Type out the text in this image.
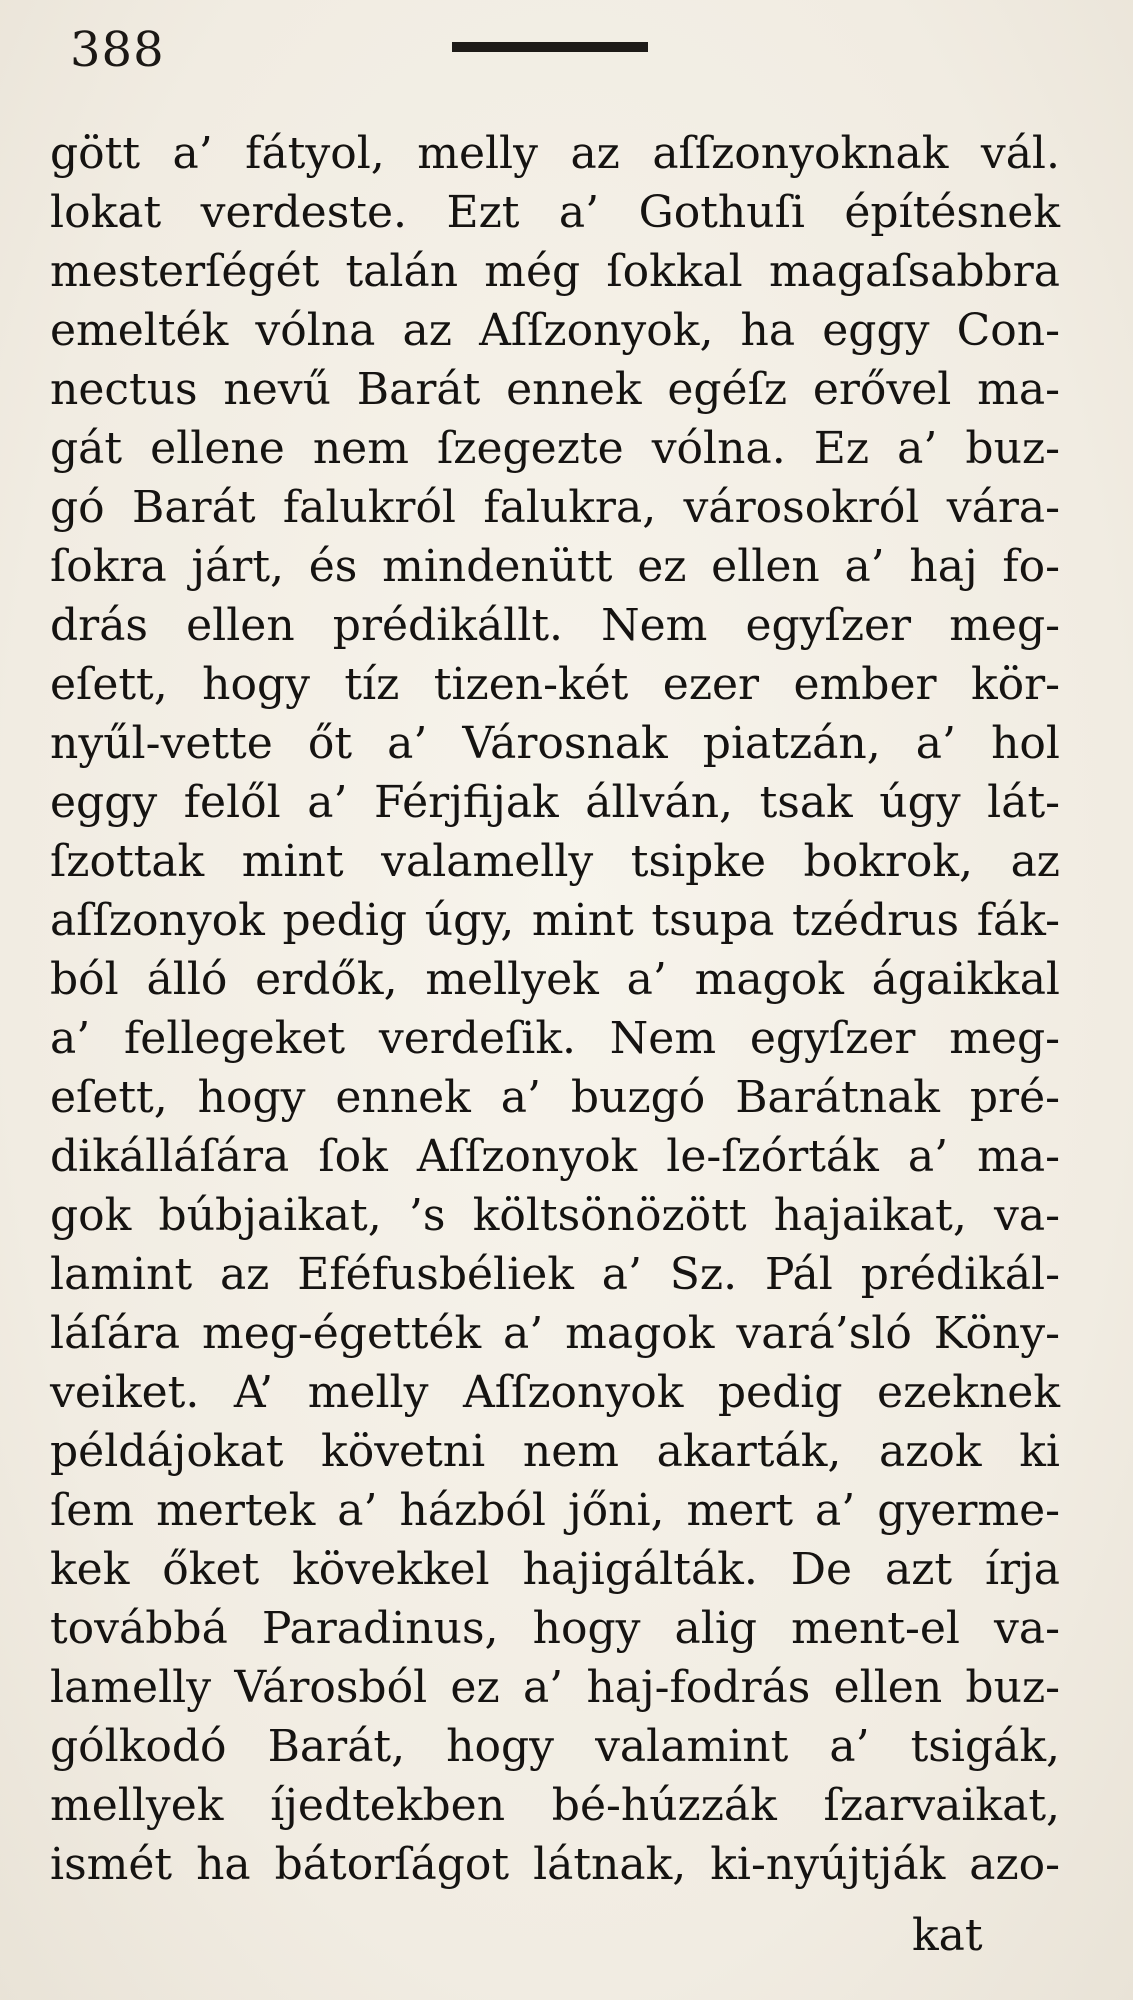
388
gött a’ fátyol, melly az aſſzonyoknak vál.
lokat verdeste. Ezt a’ Gothuſi építésnek
mesterſégét talán még ſokkal magaſsabbra
emelték vólna az Aſſzonyok, ha eggy Con-
nectus nevű Barát ennek egéſz erővel ma-
gát ellene nem ſzegezte vólna. Ez a’ buz-
gó Barát falukról falukra, városokról vára-
ſokra járt, és mindenütt ez ellen a’ haj fo-
drás ellen prédikállt. Nem egyſzer meg-
eſett, hogy tíz tizen-két ezer ember kör-
nyűl-vette őt a’ Városnak piatzán, a’ hol
eggy felől a’ Férjfijak állván, tsak úgy lát-
ſzottak mint valamelly tsipke bokrok, az
aſſzonyok pedig úgy, mint tsupa tzédrus fák-
ból álló erdők, mellyek a’ magok ágaikkal
a’ fellegeket verdeſik. Nem egyſzer meg-
eſett, hogy ennek a’ buzgó Barátnak pré-
dikálláſára ſok Aſſzonyok le-ſzórták a’ ma-
gok búbjaikat, ’s költsönözött hajaikat, va-
lamint az Eféfusbéliek a’ Sz. Pál prédikál-
láſára meg-égették a’ magok vará’sló Köny-
veiket. A’ melly Aſſzonyok pedig ezeknek
példájokat követni nem akarták, azok ki
ſem mertek a’ házból jőni, mert a’ gyerme-
kek őket kövekkel hajigálták. De azt írja
továbbá Paradinus, hogy alig ment-el va-
lamelly Városból ez a’ haj-fodrás ellen buz-
gólkodó Barát, hogy valamint a’ tsigák,
mellyek íjedtekben bé-húzzák ſzarvaikat,
ismét ha bátorſágot látnak, ki-nyújtják azo-
kat
